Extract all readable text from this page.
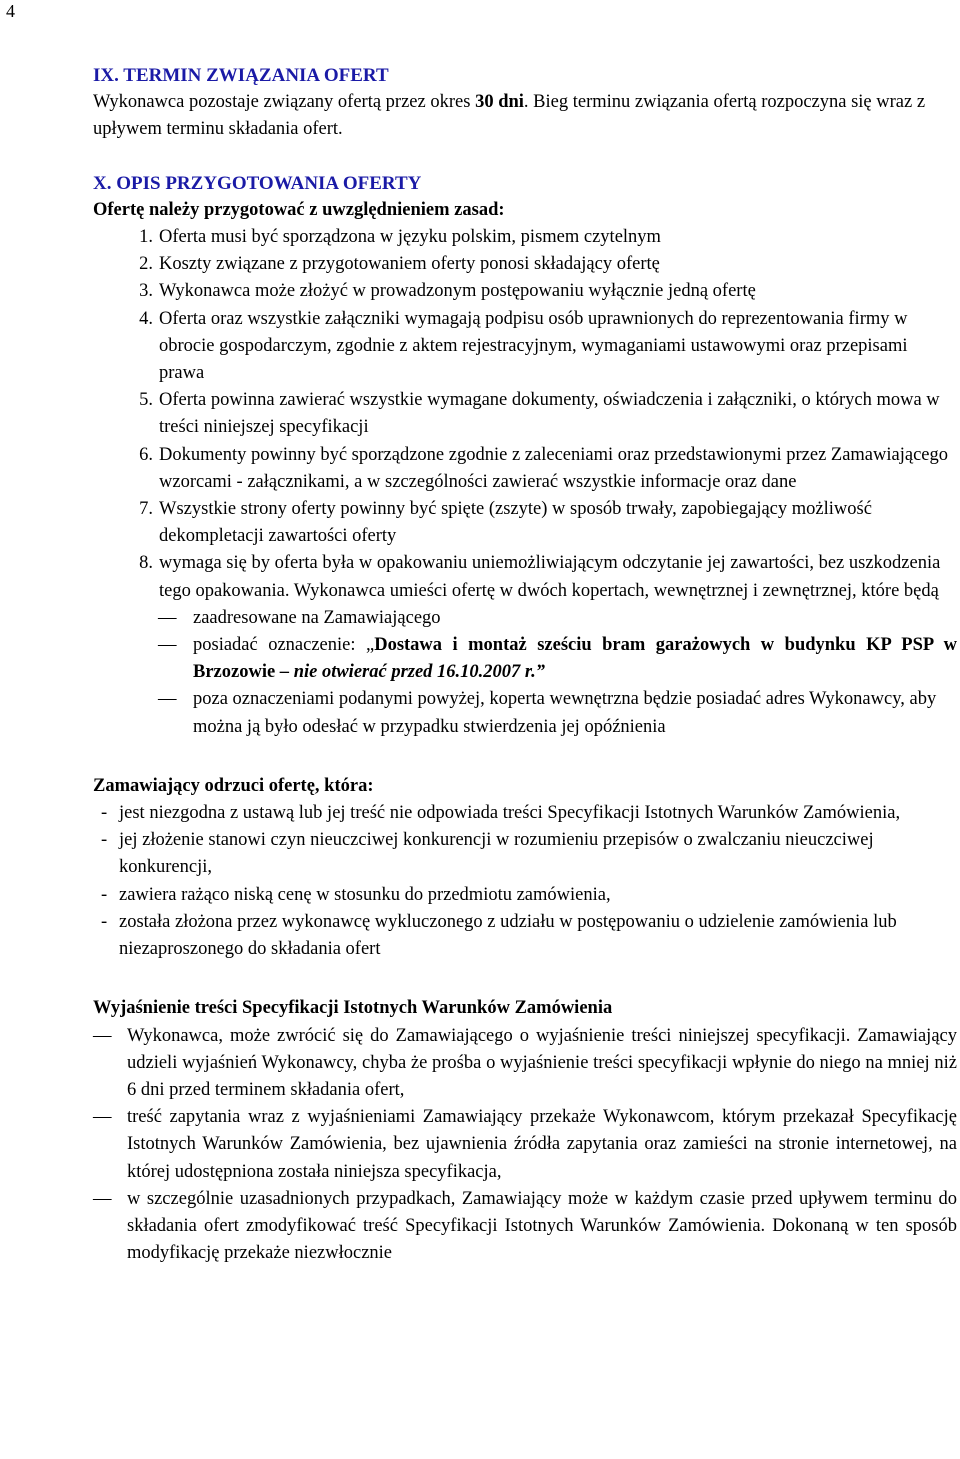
4
IX. TERMIN ZWIĄZANIA OFERT

Wykonawca pozostaje związany ofertą przez okres 30 dni. Bieg terminu związania ofertą rozpoczyna się wraz z upływem terminu składania ofert.

X. OPIS PRZYGOTOWANIA OFERTY
Ofertę należy przygotować z uwzględnieniem zasad:
1. Oferta musi być sporządzona w języku polskim, pismem czytelnym
2. Koszty związane z przygotowaniem oferty ponosi składający ofertę
3. Wykonawca może złożyć w prowadzonym postępowaniu wyłącznie jedną ofertę
4. Oferta oraz wszystkie załączniki wymagają podpisu osób uprawnionych do reprezentowania firmy w obrocie gospodarczym, zgodnie z aktem rejestracyjnym, wymaganiami ustawowymi oraz przepisami prawa
5. Oferta powinna zawierać wszystkie wymagane dokumenty, oświadczenia i załączniki, o których mowa w treści niniejszej specyfikacji
6. Dokumenty powinny być sporządzone zgodnie z zaleceniami oraz przedstawionymi przez Zamawiającego wzorcami - załącznikami, a w szczególności zawierać wszystkie informacje oraz dane
7. Wszystkie strony oferty powinny być spięte (zszyte) w sposób trwały, zapobiegający możliwość dekompletacji zawartości oferty
8. wymaga się by oferta była w opakowaniu uniemożliwiającym odczytanie jej zawartości, bez uszkodzenia tego opakowania. Wykonawca umieści ofertę w dwóch kopertach, wewnętrznej i zewnętrznej, które będą
— zaadresowane na Zamawiającego
— posiadać oznaczenie: „Dostawa i montaż sześciu bram garażowych w budynku KP PSP w Brzozowie – nie otwierać przed 16.10.2007 r.”
— poza oznaczeniami podanymi powyżej, koperta wewnętrzna będzie posiadać adres Wykonawcy, aby można ją było odesłać w przypadku stwierdzenia jej opóźnienia
Zamawiający odrzuci ofertę, która:
- jest niezgodna z ustawą lub jej treść nie odpowiada treści Specyfikacji Istotnych Warunków Zamówienia,
- jej złożenie stanowi czyn nieuczciwej konkurencji w rozumieniu przepisów o zwalczaniu nieuczciwej konkurencji,
- zawiera rażąco niską cenę w stosunku do przedmiotu zamówienia,
- została złożona przez wykonawcę wykluczonego z udziału w postępowaniu o udzielenie zamówienia lub niezaproszonego do składania ofert
Wyjaśnienie treści Specyfikacji Istotnych Warunków Zamówienia
— Wykonawca, może zwrócić się do Zamawiającego o wyjaśnienie treści niniejszej specyfikacji. Zamawiający udzieli wyjaśnień Wykonawcy, chyba że prośba o wyjaśnienie treści specyfikacji wpłynie do niego na mniej niż 6 dni przed terminem składania ofert,
— treść zapytania wraz z wyjaśnieniami Zamawiający przekaże Wykonawcom, którym przekazał Specyfikację Istotnych Warunków Zamówienia, bez ujawnienia źródła zapytania oraz zamieści na stronie internetowej, na której udostępniona została niniejsza specyfikacja,
— w szczególnie uzasadnionych przypadkach, Zamawiający może w każdym czasie przed upływem terminu do składania ofert zmodyfikować treść Specyfikacji Istotnych Warunków Zamówienia. Dokonaną w ten sposób modyfikację przekaże niezwłocznie
